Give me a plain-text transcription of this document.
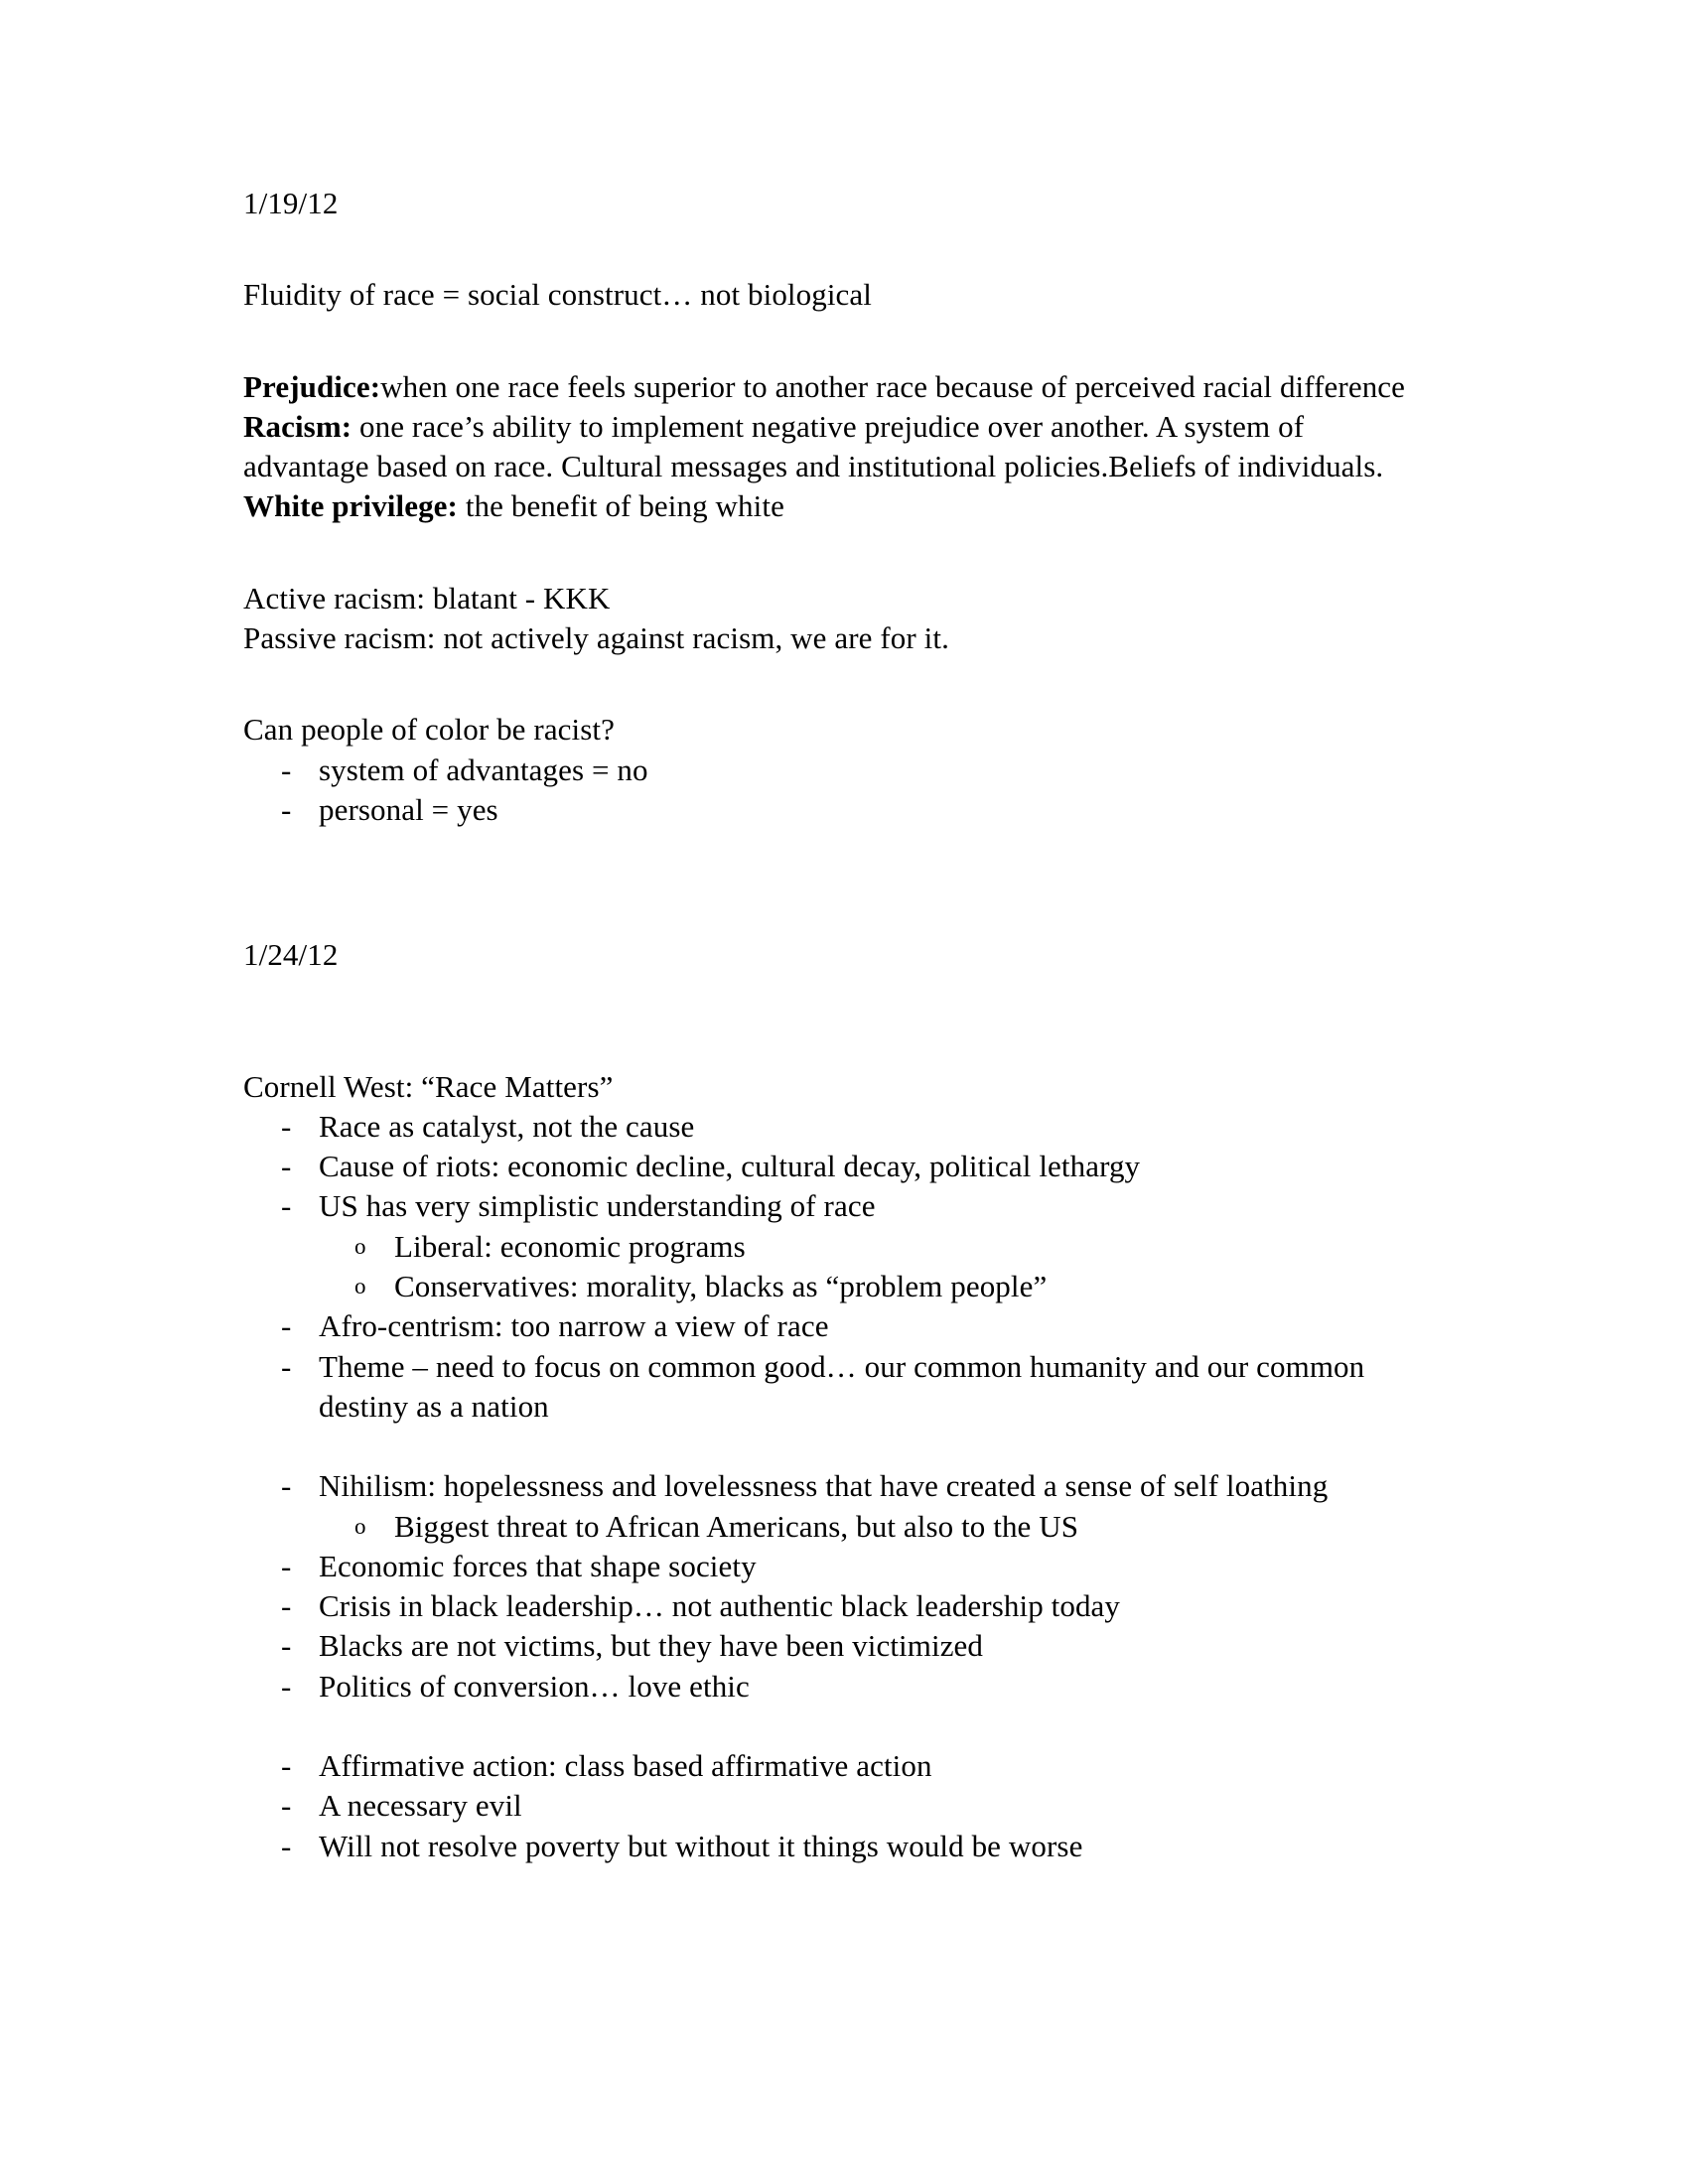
1/19/12

Fluidity of race = social construct… not biological

Prejudice:when one race feels superior to another race because of perceived racial difference

Racism: one race’s ability to implement negative prejudice over another. A system of advantage based on race. Cultural messages and institutional policies.Beliefs of individuals.

White privilege: the benefit of being white

Active racism: blatant - KKK

Passive racism: not actively against racism, we are for it.

Can people of color be racist?

- system of advantages = no
- personal = yes

1/24/12

Cornell West: “Race Matters”

- Race as catalyst, not the cause
- Cause of riots: economic decline, cultural decay, political lethargy
- US has very simplistic understanding of race
o Liberal: economic programs
o Conservatives: morality, blacks as “problem people”
- Afro-centrism: too narrow a view of race
- Theme – need to focus on common good… our common humanity and our common destiny as a nation
- Nihilism: hopelessness and lovelessness that have created a sense of self loathing
o Biggest threat to African Americans, but also to the US
- Economic forces that shape society
- Crisis in black leadership… not authentic black leadership today
- Blacks are not victims, but they have been victimized
- Politics of conversion… love ethic
- Affirmative action: class based affirmative action
- A necessary evil
- Will not resolve poverty but without it things would be worse
